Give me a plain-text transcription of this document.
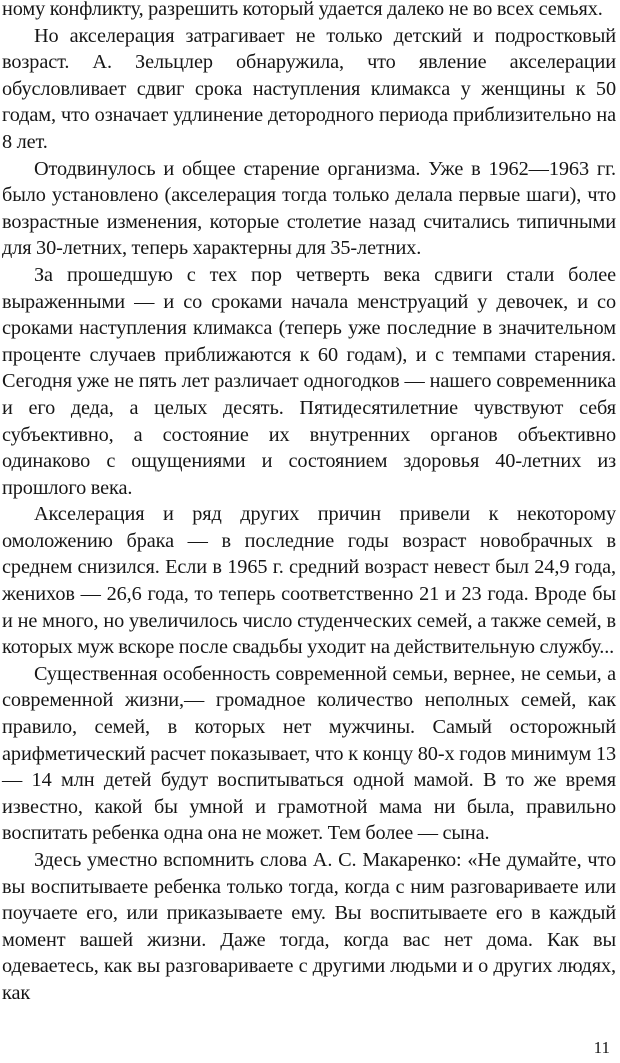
ному конфликту, разрешить который удается далеко не во всех семьях.

Но акселерация затрагивает не только детский и подростковый возраст. А. Зельцлер обнаружила, что явление акселерации обусловливает сдвиг срока наступления климакса у женщины к 50 годам, что означает удлинение детородного периода приблизительно на 8 лет.

Отодвинулось и общее старение организма. Уже в 1962—1963 гг. было установлено (акселерация тогда только делала первые шаги), что возрастные изменения, которые столетие назад считались типичными для 30-летних, теперь характерны для 35-летних.

За прошедшую с тех пор четверть века сдвиги стали более выраженными — и со сроками начала менструаций у девочек, и со сроками наступления климакса (теперь уже последние в значительном проценте случаев приближаются к 60 годам), и с темпами старения. Сегодня уже не пять лет различает одногодков — нашего современника и его деда, а целых десять. Пятидесятилетние чувствуют себя субъективно, а состояние их внутренних органов объективно одинаково с ощущениями и состоянием здоровья 40-летних из прошлого века.

Акселерация и ряд других причин привели к некоторому омоложению брака — в последние годы возраст новобрачных в среднем снизился. Если в 1965 г. средний возраст невест был 24,9 года, женихов — 26,6 года, то теперь соответственно 21 и 23 года. Вроде бы и не много, но увеличилось число студенческих семей, а также семей, в которых муж вскоре после свадьбы уходит на действительную службу...

Существенная особенность современной семьи, вернее, не семьи, а современной жизни,— громадное количество неполных семей, как правило, семей, в которых нет мужчины. Самый осторожный арифметический расчет показывает, что к концу 80-х годов минимум 13 — 14 млн детей будут воспитываться одной мамой. В то же время известно, какой бы умной и грамотной мама ни была, правильно воспитать ребенка одна она не может. Тем более — сына.

Здесь уместно вспомнить слова А. С. Макаренко: «Не думайте, что вы воспитываете ребенка только тогда, когда с ним разговариваете или поучаете его, или приказываете ему. Вы воспитываете его в каждый момент вашей жизни. Даже тогда, когда вас нет дома. Как вы одеваетесь, как вы разговариваете с другими людьми и о других людях, как

11
